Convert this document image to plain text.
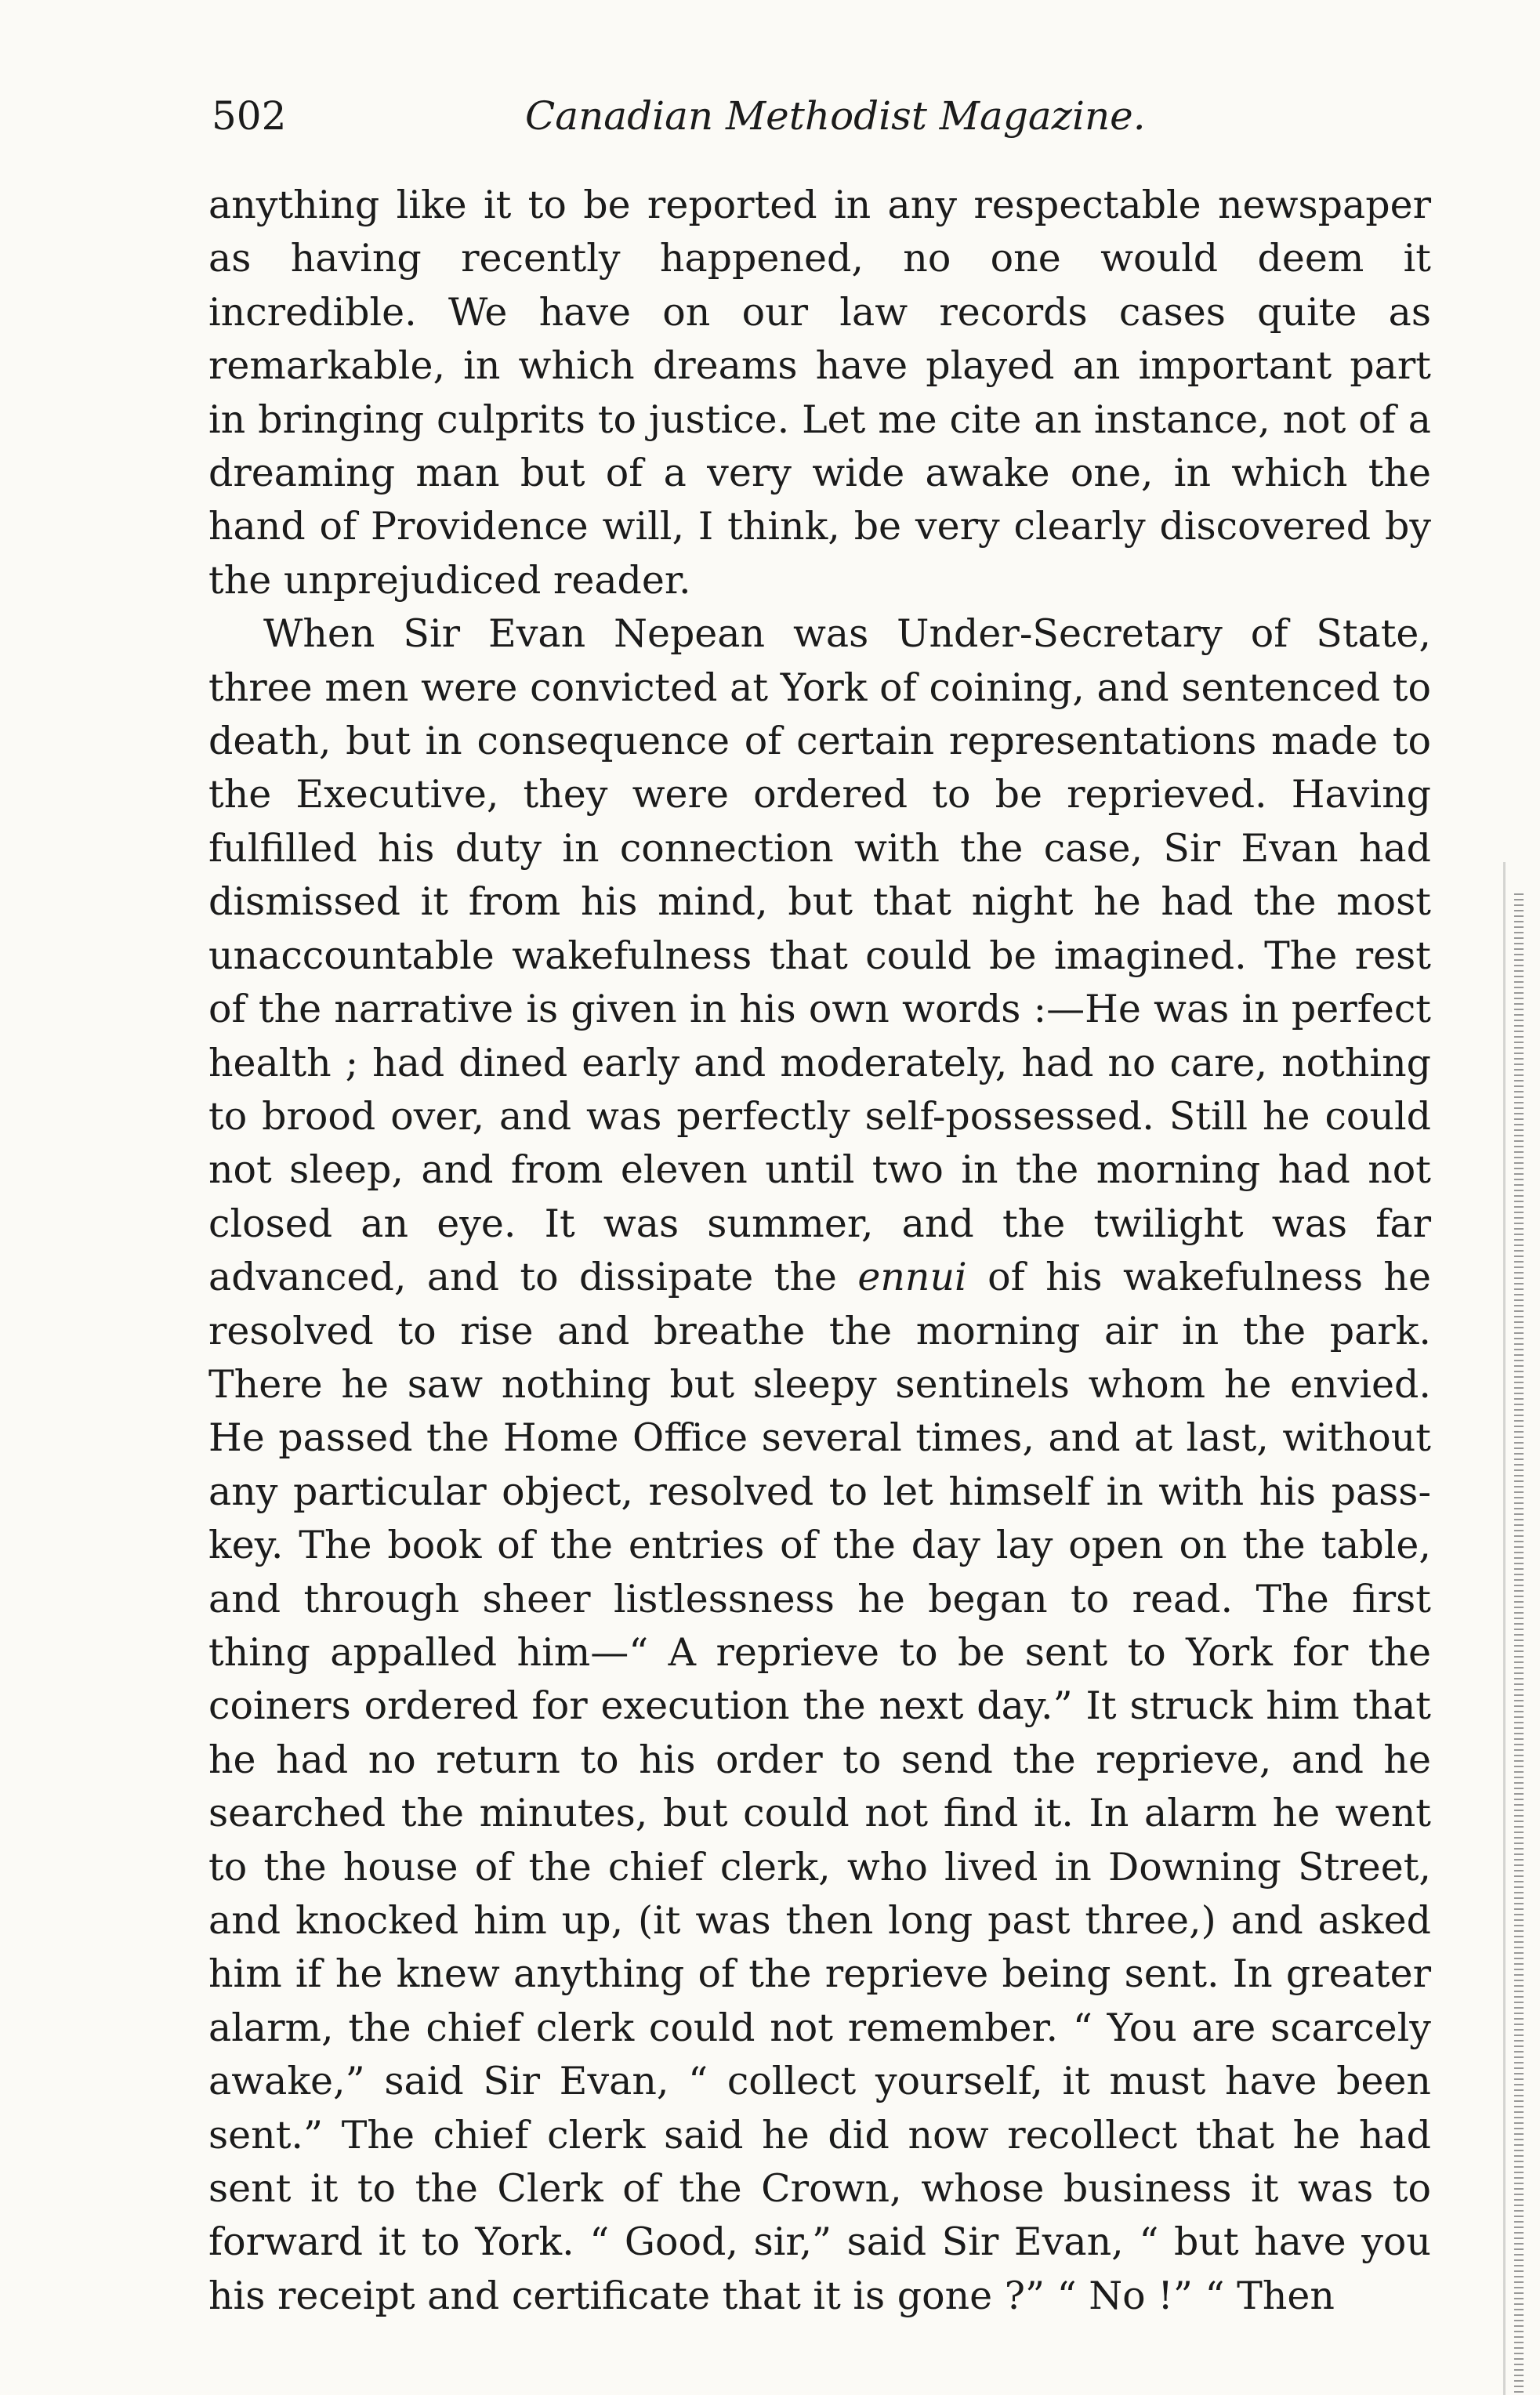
502	Canadian Methodist Magazine.

anything like it to be reported in any respectable newspaper as having recently happened, no one would deem it incredible. We have on our law records cases quite as remarkable, in which dreams have played an important part in bringing culprits to justice. Let me cite an instance, not of a dreaming man but of a very wide awake one, in which the hand of Providence will, I think, be very clearly discovered by the unprejudiced reader.

When Sir Evan Nepean was Under-Secretary of State, three men were convicted at York of coining, and sentenced to death, but in consequence of certain representations made to the Executive, they were ordered to be reprieved. Having fulfilled his duty in connection with the case, Sir Evan had dismissed it from his mind, but that night he had the most unaccountable wakefulness that could be imagined. The rest of the narrative is given in his own words :—He was in perfect health ; had dined early and moderately, had no care, nothing to brood over, and was perfectly self-possessed. Still he could not sleep, and from eleven until two in the morning had not closed an eye. It was summer, and the twilight was far advanced, and to dissipate the ennui of his wakefulness he resolved to rise and breathe the morning air in the park. There he saw nothing but sleepy sentinels whom he envied. He passed the Home Office several times, and at last, without any particular object, resolved to let himself in with his pass-key. The book of the entries of the day lay open on the table, and through sheer listlessness he began to read. The first thing appalled him—“ A reprieve to be sent to York for the coiners ordered for execution the next day.” It struck him that he had no return to his order to send the reprieve, and he searched the minutes, but could not find it. In alarm he went to the house of the chief clerk, who lived in Downing Street, and knocked him up, (it was then long past three,) and asked him if he knew anything of the reprieve being sent. In greater alarm, the chief clerk could not remember. “ You are scarcely awake,” said Sir Evan, “ collect yourself, it must have been sent.” The chief clerk said he did now recollect that he had sent it to the Clerk of the Crown, whose business it was to forward it to York. “ Good, sir,” said Sir Evan, “ but have you his receipt and certificate that it is gone ?” “ No !” “ Then
